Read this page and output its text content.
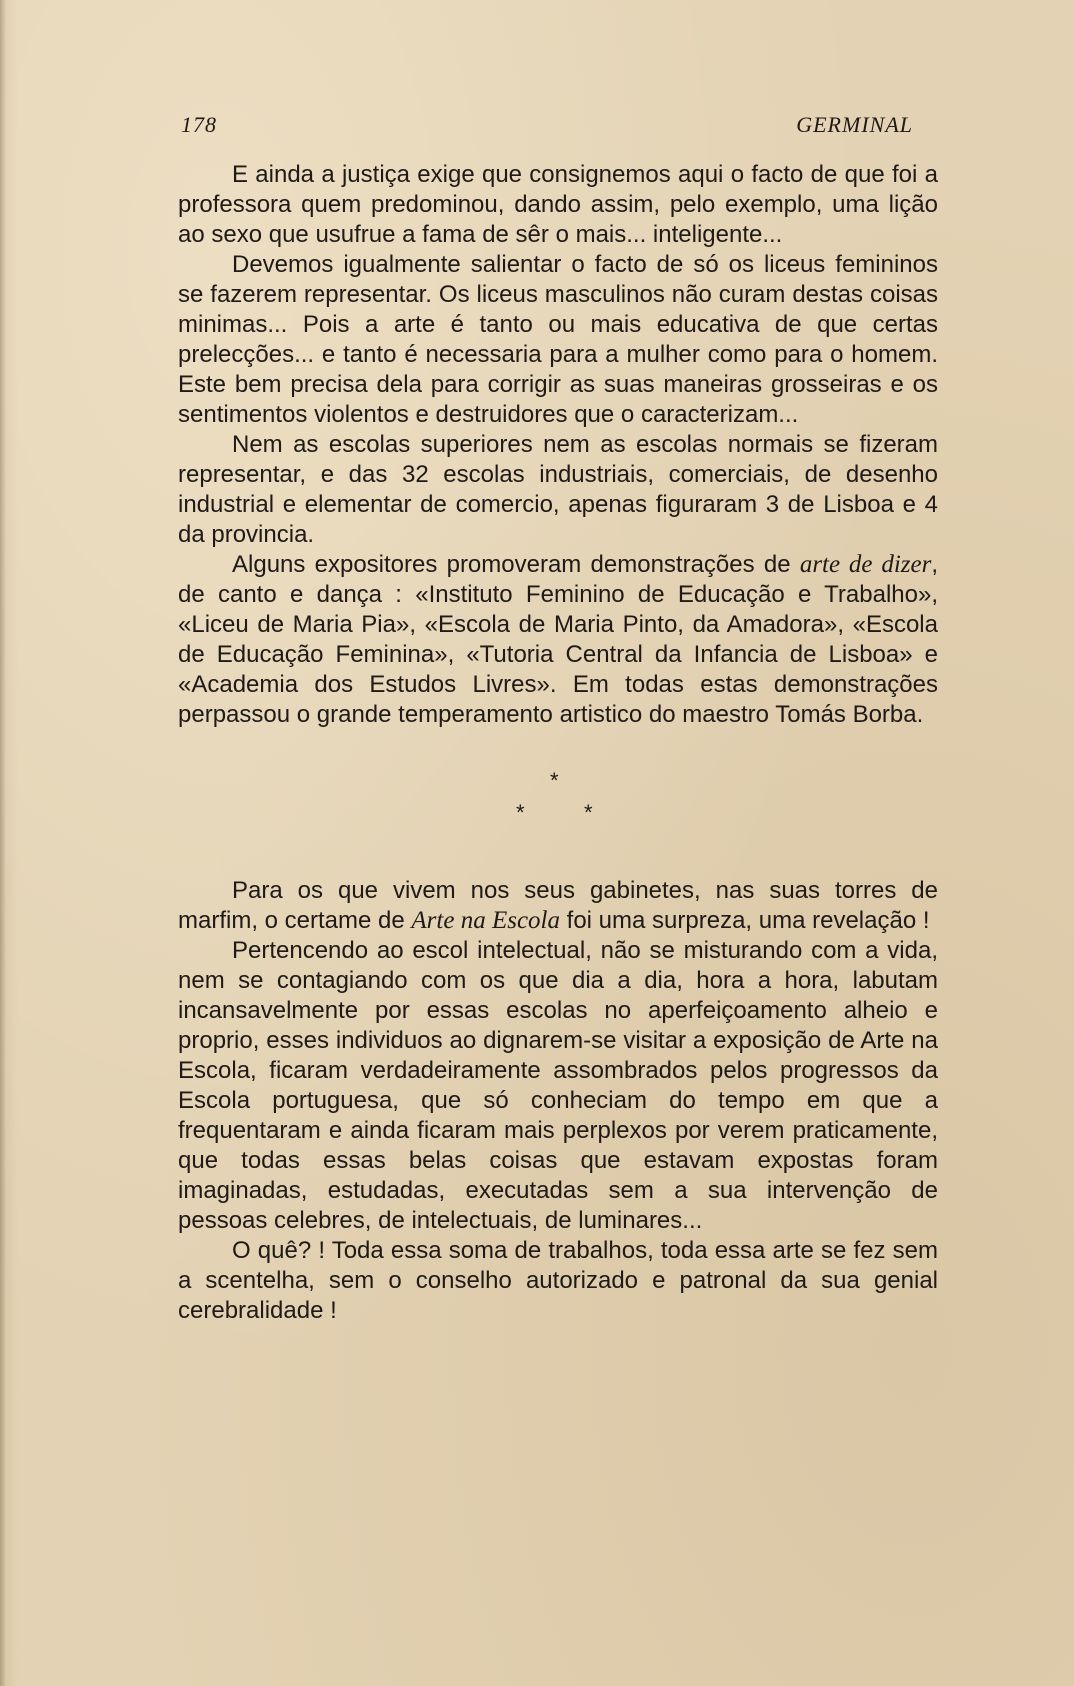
178	GERMINAL

E ainda a justiça exige que consignemos aqui o facto de que foi a professora quem predominou, dando assim, pelo exemplo, uma lição ao sexo que usufrue a fama de sêr o mais... inteligente...

Devemos igualmente salientar o facto de só os liceus femininos se fazerem representar. Os liceus masculinos não curam destas coisas minimas... Pois a arte é tanto ou mais educativa de que certas prelecções... e tanto é necessaria para a mulher como para o homem. Este bem precisa dela para corrigir as suas maneiras grosseiras e os sentimentos violentos e destruidores que o caracterizam...

Nem as escolas superiores nem as escolas normais se fizeram representar, e das 32 escolas industriais, comerciais, de desenho industrial e elementar de comercio, apenas figuraram 3 de Lisboa e 4 da provincia.

Alguns expositores promoveram demonstrações de arte de dizer, de canto e dança : «Instituto Feminino de Educação e Trabalho», «Liceu de Maria Pia», «Escola de Maria Pinto, da Amadora», «Escola de Educação Feminina», «Tutoria Central da Infancia de Lisboa» e «Academia dos Estudos Livres». Em todas estas demonstrações perpassou o grande temperamento artistico do maestro Tomás Borba.

*
*	*

Para os que vivem nos seus gabinetes, nas suas torres de marfim, o certame de Arte na Escola foi uma surpreza, uma revelação !

Pertencendo ao escol intelectual, não se misturando com a vida, nem se contagiando com os que dia a dia, hora a hora, labutam incansavelmente por essas escolas no aperfeiçoamento alheio e proprio, esses individuos ao dignarem-se visitar a exposição de Arte na Escola, ficaram verdadeiramente assombrados pelos progressos da Escola portuguesa, que só conheciam do tempo em que a frequentaram e ainda ficaram mais perplexos por verem praticamente, que todas essas belas coisas que estavam expostas foram imaginadas, estudadas, executadas sem a sua intervenção de pessoas celebres, de intelectuais, de luminares...

O quê? ! Toda essa soma de trabalhos, toda essa arte se fez sem a scentelha, sem o conselho autorizado e patronal da sua genial cerebralidade !
